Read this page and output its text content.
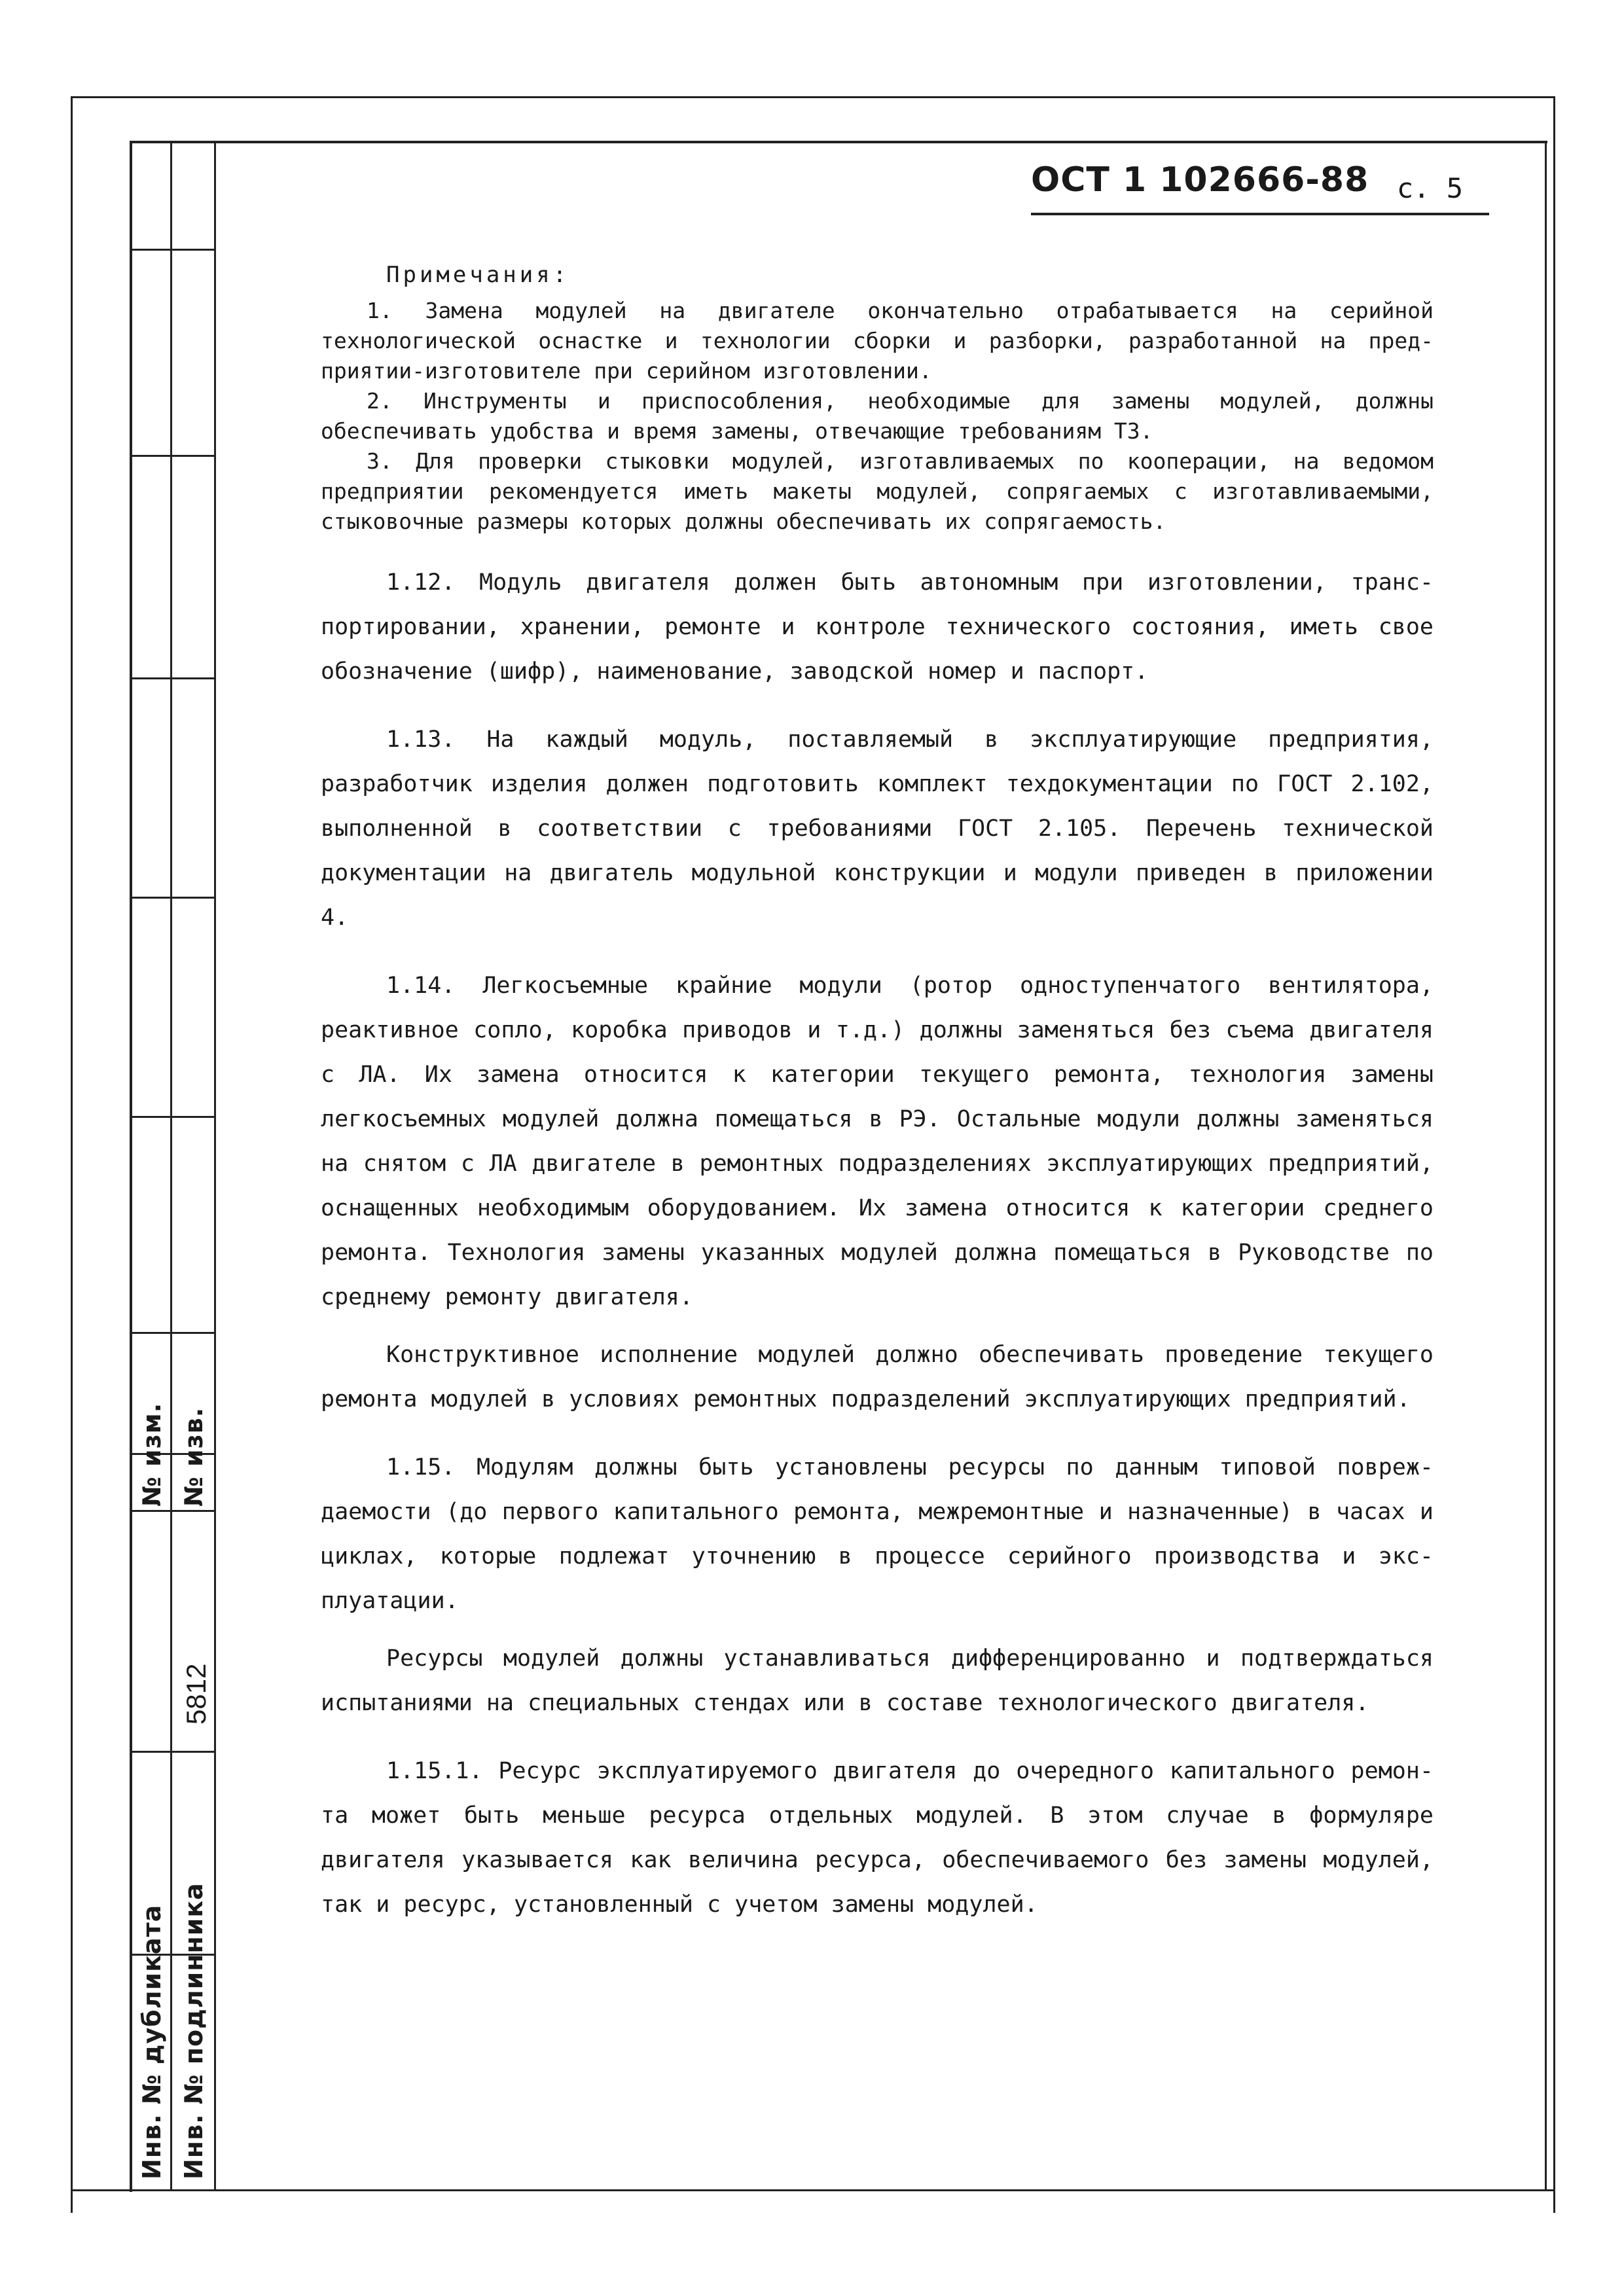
№ изм. № изв.
5812
Инв. № дубликата Инв. № подлинника
ОСТ 1 102666-88 с. 5
Примечания:

1. Замена модулей на двигателе окончательно отрабатывается на серийной технологической оснастке и технологии сборки и разборки, разработанной на предприятии-изготовителе при серийном изготовлении.

2. Инструменты и приспособления, необходимые для замены модулей, должны обеспечивать удобства и время замены, отвечающие требованиям ТЗ.

3. Для проверки стыковки модулей, изготавливаемых по кооперации, на ведомом предприятии рекомендуется иметь макеты модулей, сопрягаемых с изготавливаемыми, стыковочные размеры которых должны обеспечивать их сопрягаемость.

1.12. Модуль двигателя должен быть автономным при изготовлении, транспортировании, хранении, ремонте и контроле технического состояния, иметь свое обозначение (шифр), наименование, заводской номер и паспорт.

1.13. На каждый модуль, поставляемый в эксплуатирующие предприятия, разработчик изделия должен подготовить комплект техдокументации по ГОСТ 2.102, выполненной в соответствии с требованиями ГОСТ 2.105. Перечень технической документации на двигатель модульной конструкции и модули приведен в приложении 4.

1.14. Легкосъемные крайние модули (ротор одноступенчатого вентилятора, реактивное сопло, коробка приводов и т.д.) должны заменяться без съема двигателя с ЛА. Их замена относится к категории текущего ремонта, технология замены легкосъемных модулей должна помещаться в РЭ. Остальные модули должны заменяться на снятом с ЛА двигателе в ремонтных подразделениях эксплуатирующих предприятий, оснащенных необходимым оборудованием. Их замена относится к категории среднего ремонта. Технология замены указанных модулей должна помещаться в Руководстве по среднему ремонту двигателя.

Конструктивное исполнение модулей должно обеспечивать проведение текущего ремонта модулей в условиях ремонтных подразделений эксплуатирующих предприятий.

1.15. Модулям должны быть установлены ресурсы по данным типовой повреждаемости (до первого капитального ремонта, межремонтные и назначенные) в часах и циклах, которые подлежат уточнению в процессе серийного производства и эксплуатации.

Ресурсы модулей должны устанавливаться дифференцированно и подтверждаться испытаниями на специальных стендах или в составе технологического двигателя.

1.15.1. Ресурс эксплуатируемого двигателя до очередного капитального ремонта может быть меньше ресурса отдельных модулей. В этом случае в формуляре двигателя указывается как величина ресурса, обеспечиваемого без замены модулей, так и ресурс, установленный с учетом замены модулей.
